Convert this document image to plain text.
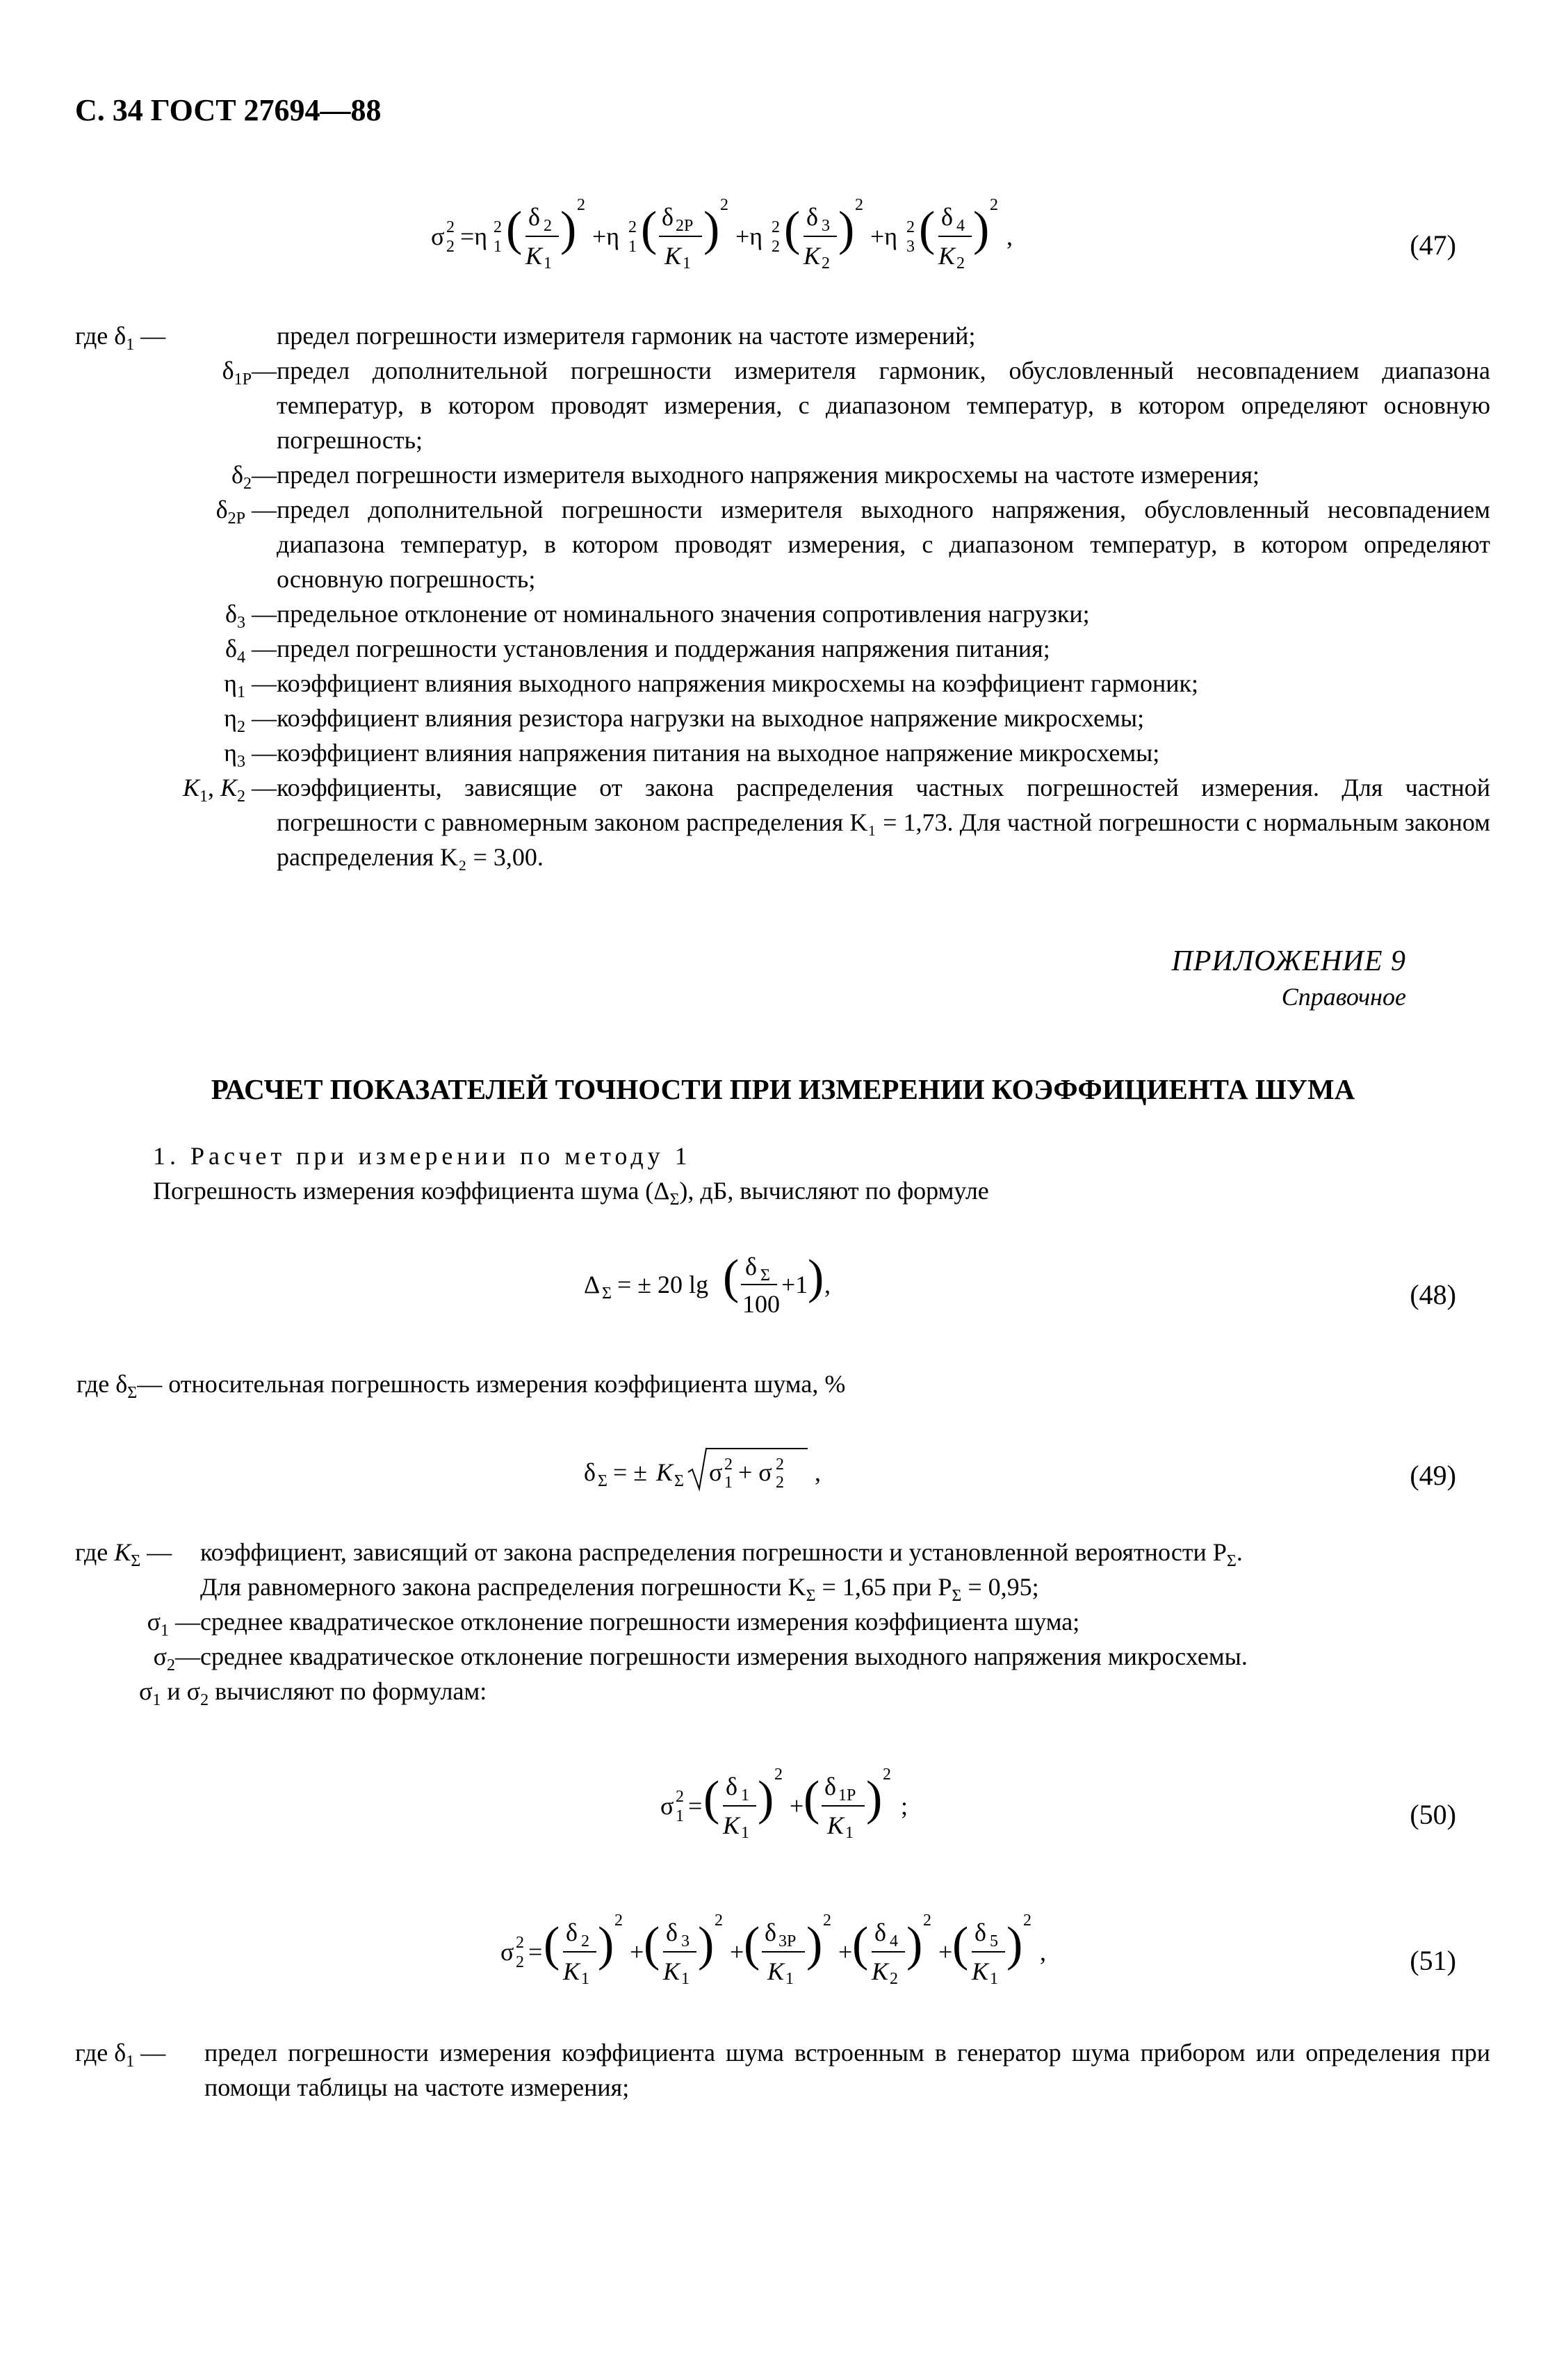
С. 34 ГОСТ 27694—88
σ 2
2 =η 2
1 ( δ 2
K 1
) 2
+η 2
1 ( δ 2P
K 1
) 2
+η 2
2 ( δ 3
K 2
) 2
+η 2
3 ( δ 4
K 2
) 2
,	(47)
где $\delta_1$ —	предел погрешности измерителя гармоник на частоте измерений;
$\delta_{1P}—$ предел дополнительной погрешности измерителя гармоник, обусловленный несовпадением диапазона температур, в котором проводят измерения, с диапазоном температур, в котором определяют основную погрешность;
$\delta_2—$ предел погрешности измерителя выходного напряжения микросхемы на частоте измерения;
$\delta_{2P}$ — предел дополнительной погрешности измерителя выходного напряжения, обусловленный несовпадением диапазона температур, в котором проводят измерения, с диапазоном температур, в котором определяют основную погрешность;
$\delta_3$ — предельное отклонение от номинального значения сопротивления нагрузки;
$\delta_4$ — предел погрешности установления и поддержания напряжения питания;
$\eta_1$ — коэффициент влияния выходного напряжения микросхемы на коэффициент гармоник;
$\eta_2$ — коэффициент влияния резистора нагрузки на выходное напряжение микросхемы;
$\eta_3$ — коэффициент влияния напряжения питания на выходное напряжение микросхемы;
$K_1$, $K_2$ — коэффициенты, зависящие от закона распределения частных погрешностей измерения. Для частной погрешности с равномерным законом распределения K₁ = 1,73. Для частной погрешности с нормальным законом распределения K₂ = 3,00.
ПРИЛОЖЕНИЕ 9
Справочное
РАСЧЕТ ПОКАЗАТЕЛЕЙ ТОЧНОСТИ ПРИ ИЗМЕРЕНИИ КОЭФФИЦИЕНТА ШУМА
1. Расчет при измерении по методу 1
Погрешность измерения коэффициента шума $(\Delta_\Sigma)$, дБ, вычисляют по формуле
Δ Σ = ± 20 lg ( δ Σ
100
+1 ) ,	(48)
где $\delta_\Sigma—$ относительная погрешность измерения коэффициента шума, %
δ Σ = ± K Σ σ 2
1 + σ 2
2 ,	(49)
где $K_\Sigma$ —	коэффициент, зависящий от закона распределения погрешности и установленной вероятности $P_\Sigma$.
Для равномерного закона распределения погрешности $K_\Sigma = 1,65$ при $P_\Sigma = 0,95$;
$\sigma_1$ — среднее квадратическое отклонение погрешности измерения коэффициента шума;
$\sigma_2—$ среднее квадратическое отклонение погрешности измерения выходного напряжения микросхемы.
$\sigma_1$ и $\sigma_2$ вычисляют по формулам:
σ 2
1 = ( δ 1
K 1
) 2
+ ( δ 1P
K 1
) 2
;	(50)
σ 2
2 = ( δ 2
K 1
) 2
+ ( δ 3
K 1
) 2
+ ( δ 3P
K 1
) 2
+ ( δ 4
K 2
) 2
+ ( δ 5
K 1
) 2
,	(51)
где $\delta_1$ —	предел погрешности измерения коэффициента шума встроенным в генератор шума прибором или определения при помощи таблицы на частоте измерения;
